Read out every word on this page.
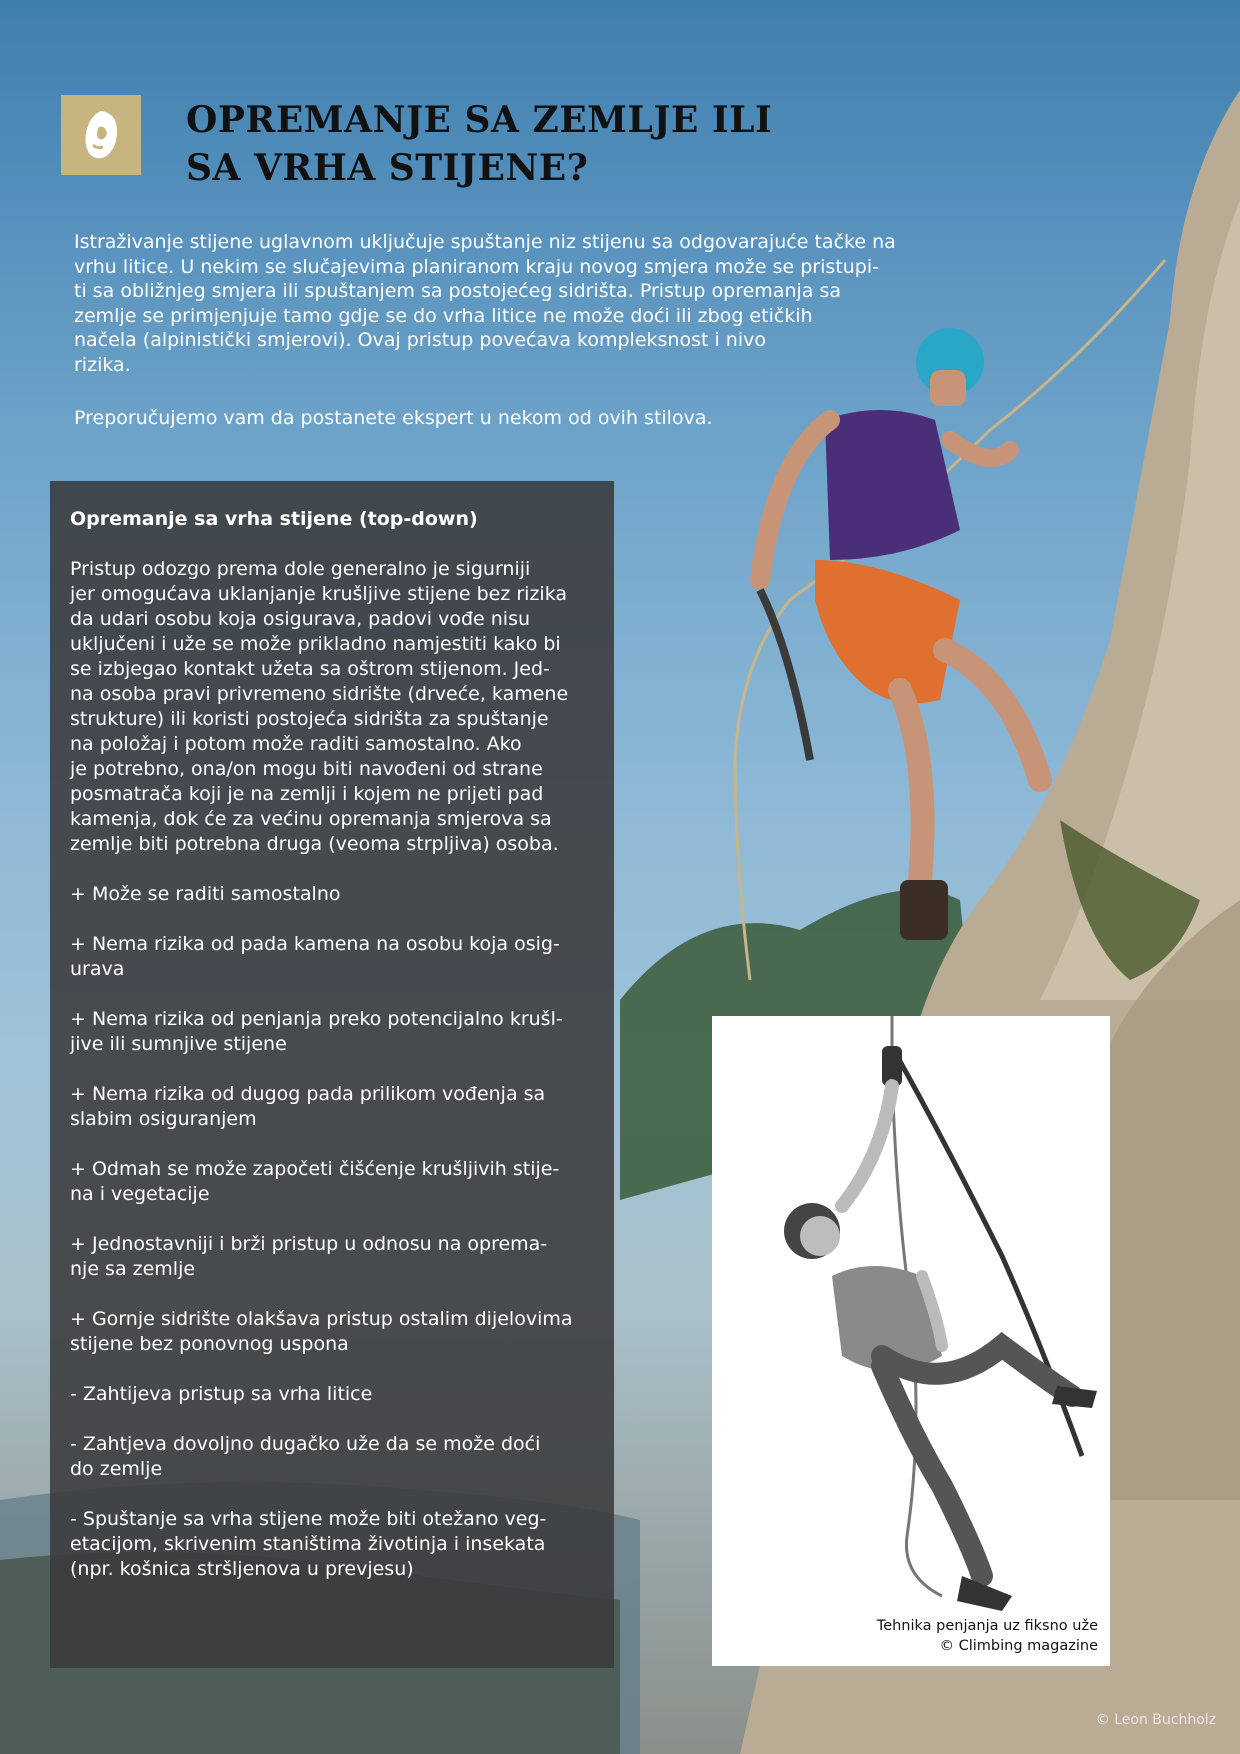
OPREMANJE SA ZEMLJE ILI SA VRHA STIJENE?

Istraživanje stijene uglavnom uključuje spuštanje niz stijenu sa odgovarajuće tačke na
vrhu litice. U nekim se slučajevima planiranom kraju novog smjera može se pristupi-
ti sa obližnjeg smjera ili spuštanjem sa postojećeg sidrišta. Pristup opremanja sa
zemlje se primjenjuje tamo gdje se do vrha litice ne može doći ili zbog etičkih
načela (alpinistički smjerovi). Ovaj pristup povećava kompleksnost i nivo
rizika.

Preporučujemo vam da postanete ekspert u nekom od ovih stilova.

Opremanje sa vrha stijene (top-down)
Pristup odozgo prema dole generalno je sigurniji
jer omogućava uklanjanje krušljive stijene bez rizika
da udari osobu koja osigurava, padovi vođe nisu
uključeni i uže se može prikladno namjestiti kako bi
se izbjegao kontakt užeta sa oštrom stijenom. Jed-
na osoba pravi privremeno sidrište (drveće, kamene
strukture) ili koristi postojeća sidrišta za spuštanje
na položaj i potom može raditi samostalno. Ako
je potrebno, ona/on mogu biti navođeni od strane
posmatrača koji je na zemlji i kojem ne prijeti pad
kamenja, dok će za većinu opremanja smjerova sa
zemlje biti potrebna druga (veoma strpljiva) osoba.
+ Može se raditi samostalno
+ Nema rizika od pada kamena na osobu koja osig-
urava
+ Nema rizika od penjanja preko potencijalno krušl-
jive ili sumnjive stijene
+ Nema rizika od dugog pada prilikom vođenja sa
slabim osiguranjem
+ Odmah se može započeti čišćenje krušljivih stije-
na i vegetacije
+ Jednostavniji i brži pristup u odnosu na oprema-
nje sa zemlje
+ Gornje sidrište olakšava pristup ostalim dijelovima
stijene bez ponovnog uspona
- Zahtijeva pristup sa vrha litice
- Zahtjeva dovoljno dugačko uže da se može doći
do zemlje
- Spuštanje sa vrha stijene može biti otežano veg-
etacijom, skrivenim staništima životinja i insekata
(npr. košnica stršljenova u prevjesu)
Tehnika penjanja uz fiksno uže
© Climbing magazine
© Leon Buchholz
